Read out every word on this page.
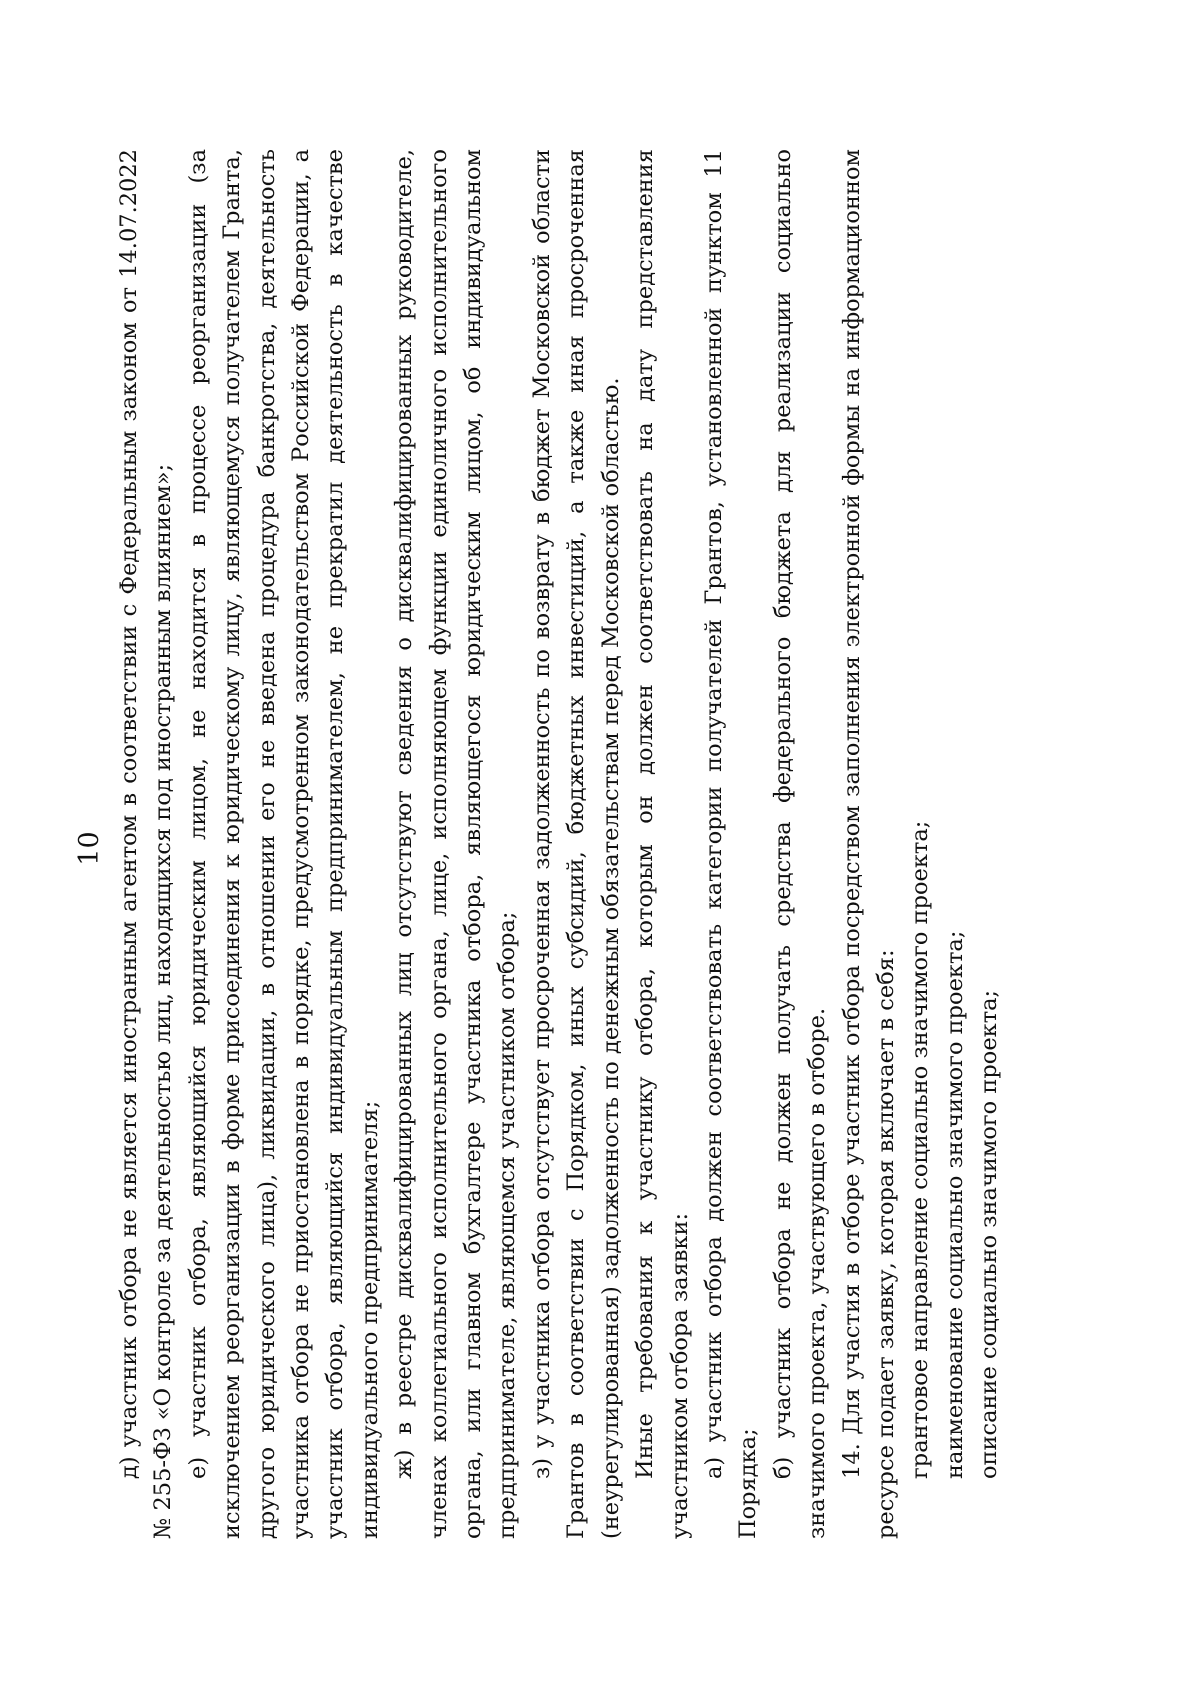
10 д) участник отбора не является иностранным агентом в соответствии с Федеральным законом от 14.07.2022 № 255-ФЗ «О контроле за деятельностью лиц, находящихся под иностранным влиянием»; е) участник отбора, являющийся юридическим лицом, не находится в процессе реорганизации (за исключением реорганизации в форме присоединения к юридическому лицу, являющемуся получателем Гранта, другого юридического лица), ликвидации, в отношении его не введена процедура банкротства, деятельность участника отбора не приостановлена в порядке, предусмотренном законодательством Российской Федерации, а участник отбора, являющийся индивидуальным предпринимателем, не прекратил деятельность в качестве индивидуального предпринимателя; ж) в реестре дисквалифицированных лиц отсутствуют сведения о дисквалифицированных руководителе, членах коллегиального исполнительного органа, лице, исполняющем функции единоличного исполнительного органа, или главном бухгалтере участника отбора, являющегося юридическим лицом, об индивидуальном предпринимателе, являющемся участником отбора; з) у участника отбора отсутствует просроченная задолженность по возврату в бюджет Московской области Грантов в соответствии с Порядком, иных субсидий, бюджетных инвестиций, а также иная просроченная (неурегулированная) задолженность по денежным обязательствам перед Московской областью. Иные требования к участнику отбора, которым он должен соответствовать на дату представления участником отбора заявки: а) участник отбора должен соответствовать категории получателей Грантов, установленной пунктом 11 Порядка;

б) участник отбора не должен получать средства федерального бюджета для реализации социально значимого проекта, участвующего в отборе. 14. Для участия в отборе участник отбора посредством заполнения электронной формы на информационном ресурсе подает заявку, которая включает в себя: грантовое направление социально значимого проекта; наименование социально значимого проекта; описание социально значимого проекта;
